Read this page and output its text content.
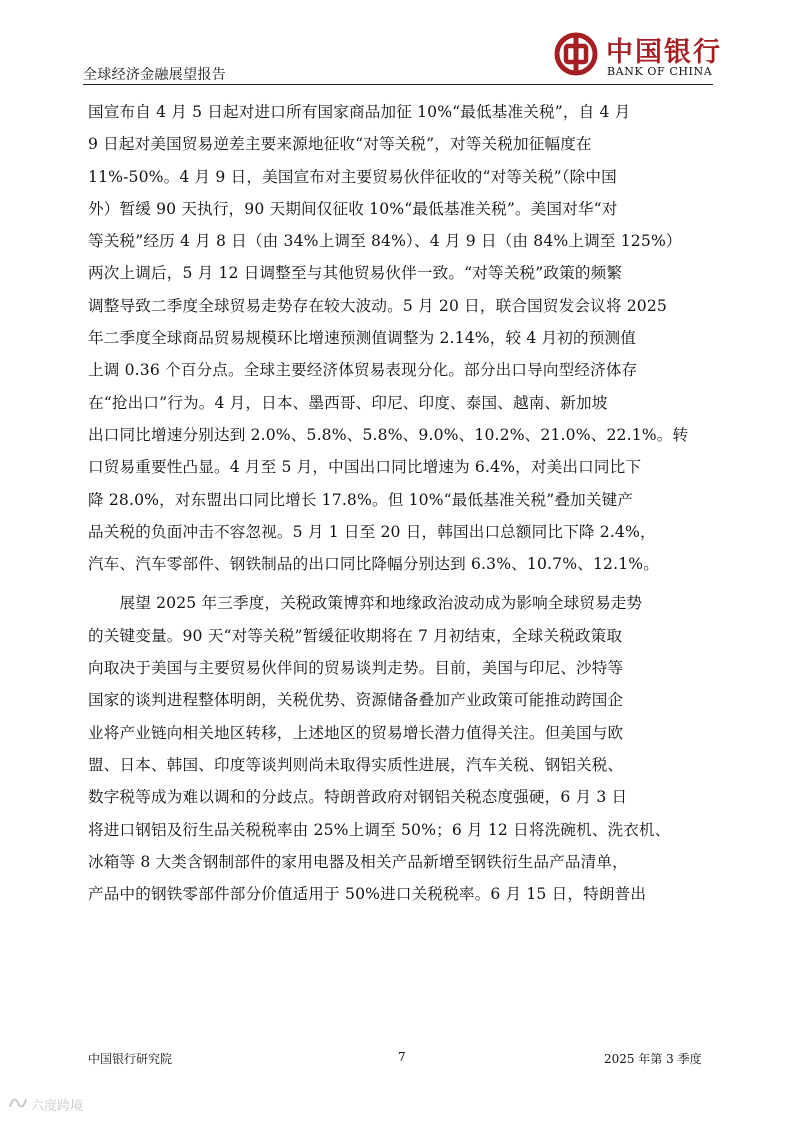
全球经济金融展望报告
中国银行
BANK OF CHINA
国宣布自 4 月 5 日起对进口所有国家商品加征 10%“最低基准关税”，自 4 月
9 日起对美国贸易逆差主要来源地征收“对等关税”，对等关税加征幅度在
11%-50%。4 月 9 日，美国宣布对主要贸易伙伴征收的“对等关税”（除中国
外）暂缓 90 天执行，90 天期间仅征收 10%“最低基准关税”。美国对华“对
等关税”经历 4 月 8 日（由 34%上调至 84%）、4 月 9 日（由 84%上调至 125%）
两次上调后，5 月 12 日调整至与其他贸易伙伴一致。“对等关税”政策的频繁
调整导致二季度全球贸易走势存在较大波动。5 月 20 日，联合国贸发会议将 2025
年二季度全球商品贸易规模环比增速预测值调整为 2.14%，较 4 月初的预测值
上调 0.36 个百分点。全球主要经济体贸易表现分化。部分出口导向型经济体存
在“抢出口”行为。4 月，日本、墨西哥、印尼、印度、泰国、越南、新加坡
出口同比增速分别达到 2.0%、5.8%、5.8%、9.0%、10.2%、21.0%、22.1%。转
口贸易重要性凸显。4 月至 5 月，中国出口同比增速为 6.4%，对美出口同比下
降 28.0%，对东盟出口同比增长 17.8%。但 10%“最低基准关税”叠加关键产
品关税的负面冲击不容忽视。5 月 1 日至 20 日，韩国出口总额同比下降 2.4%，
汽车、汽车零部件、钢铁制品的出口同比降幅分别达到 6.3%、10.7%、12.1%。
　　展望 2025 年三季度，关税政策博弈和地缘政治波动成为影响全球贸易走势
的关键变量。90 天“对等关税”暂缓征收期将在 7 月初结束，全球关税政策取
向取决于美国与主要贸易伙伴间的贸易谈判走势。目前，美国与印尼、沙特等
国家的谈判进程整体明朗，关税优势、资源储备叠加产业政策可能推动跨国企
业将产业链向相关地区转移，上述地区的贸易增长潜力值得关注。但美国与欧
盟、日本、韩国、印度等谈判则尚未取得实质性进展，汽车关税、钢铝关税、
数字税等成为难以调和的分歧点。特朗普政府对钢铝关税态度强硬，6 月 3 日
将进口钢铝及衍生品关税税率由 25%上调至 50%；6 月 12 日将洗碗机、洗衣机、
冰箱等 8 大类含钢制部件的家用电器及相关产品新增至钢铁衍生品产品清单，
产品中的钢铁零部件部分价值适用于 50%进口关税税率。6 月 15 日，特朗普出
中国银行研究院	7	2025 年第 3 季度
六度跨境
